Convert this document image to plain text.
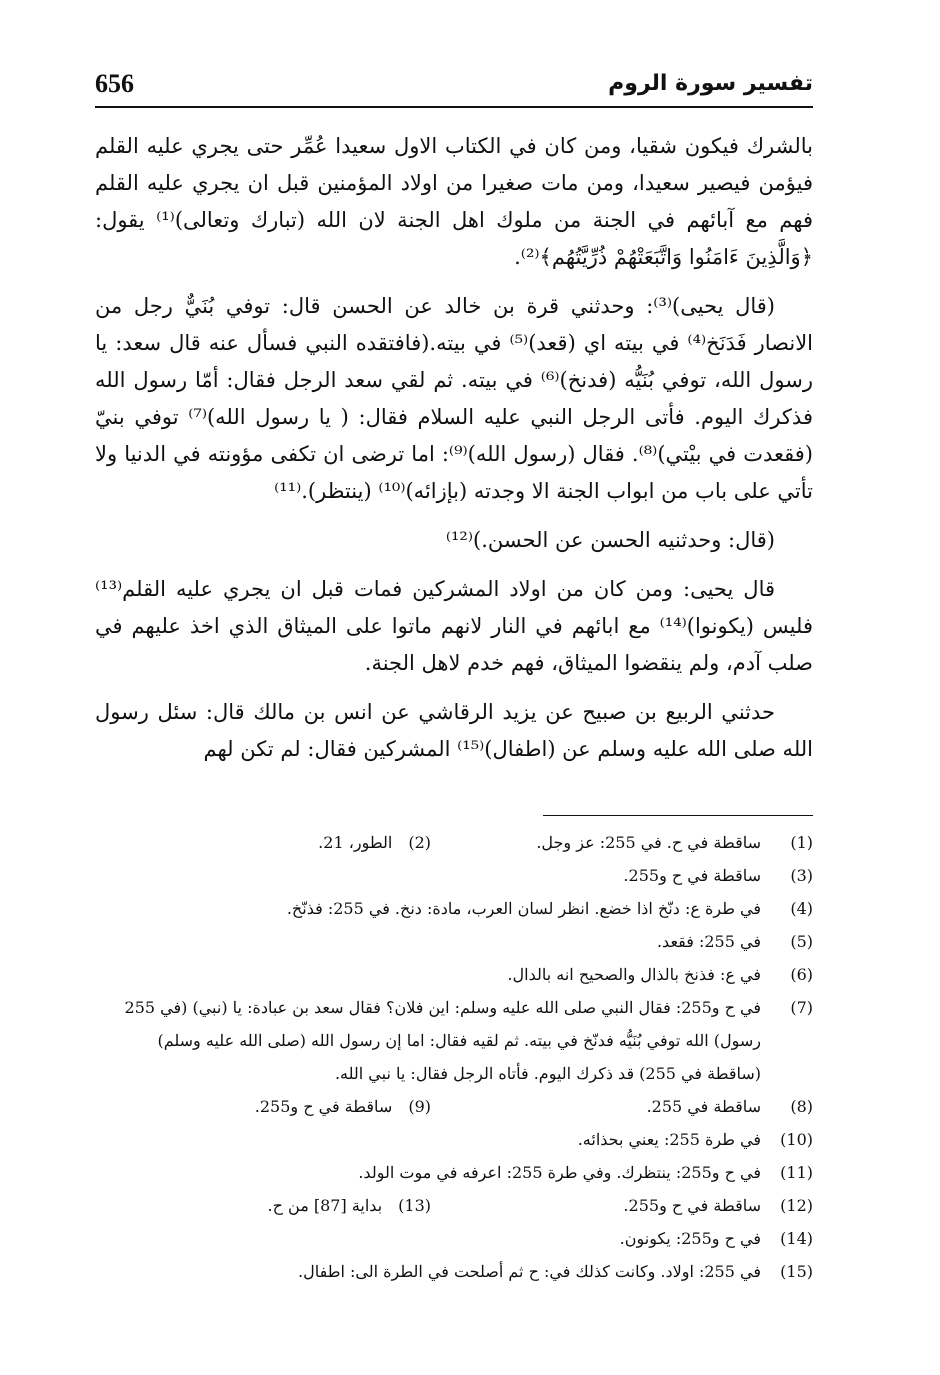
656	تفسير سورة الروم

بالشرك فيكون شقيا، ومن كان في الكتاب الاول سعيدا عُمِّر حتى يجري عليه القلم فيؤمن فيصير سعيدا، ومن مات صغيرا من اولاد المؤمنين قبل ان يجري عليه القلم فهم مع آبائهم في الجنة من ملوك اهل الجنة لان الله (تبارك وتعالى)⁽¹⁾ يقول: ﴿وَالَّذِينَ ءَامَنُوا وَاتَّبَعَتْهُمْ ذُرِّيَّتُهُم﴾⁽²⁾.

(قال يحيى)⁽³⁾: وحدثني قرة بن خالد عن الحسن قال: توفي بُنَيٌّ رجل من الانصار فَدَنَخ⁽⁴⁾ في بيته اي (قعد)⁽⁵⁾ في بيته.(فافتقده النبي فسأل عنه قال سعد: يا رسول الله، توفي بُنَيُّه (فدنخ)⁽⁶⁾ في بيته. ثم لقي سعد الرجل فقال: أمّا رسول الله فذكرك اليوم. فأتى الرجل النبي عليه السلام فقال: ( يا رسول الله)⁽⁷⁾ توفي بنيّ (فقعدت في بيْتي)⁽⁸⁾. فقال (رسول الله)⁽⁹⁾: اما ترضى ان تكفى مؤونته في الدنيا ولا تأتي على باب من ابواب الجنة الا وجدته (بإزائه)⁽¹⁰⁾ (ينتظر).⁽¹¹⁾

(قال: وحدثنيه الحسن عن الحسن.)⁽¹²⁾

قال يحيى: ومن كان من اولاد المشركين فمات قبل ان يجري عليه القلم⁽¹³⁾ فليس (يكونوا)⁽¹⁴⁾ مع ابائهم في النار لانهم ماتوا على الميثاق الذي اخذ عليهم في صلب آدم، ولم ينقضوا الميثاق، فهم خدم لاهل الجنة.

حدثني الربيع بن صبيح عن يزيد الرقاشي عن انس بن مالك قال: سئل رسول الله صلى الله عليه وسلم عن (اطفال)⁽¹⁵⁾ المشركين فقال: لم تكن لهم

(1)
ساقطة في ح. في 255: عز وجل.
(2)الطور، 21.
(3)
ساقطة في ح و255.
(4)
في طرة ع: دنّخ اذا خضع. انظر لسان العرب، مادة: دنخ. في 255: فذنّخ.
(5)
في 255: فقعد.
(6)
في ع: فذنخ بالذال والصحيح انه بالدال.
(7)
في ح و255: فقال النبي صلى الله عليه وسلم: اين فلان؟ فقال سعد بن عبادة: يا (نبي) (في 255 رسول) الله توفي بُنَيُّه فدنّخ في بيته. ثم لقيه فقال: اما إن رسول الله (صلى الله عليه وسلم) (ساقطة في 255) قد ذكرك اليوم. فأتاه الرجل فقال: يا نبي الله.
(8)
ساقطة في 255.
(9)ساقطة في ح و255.
(10)
في طرة 255: يعني بحذائه.
(11)
في ح و255: ينتظرك. وفي طرة 255: اعرفه في موت الولد.
(12)
ساقطة في ح و255.
(13)بداية [87] من ح.
(14)
في ح و255: يكونون.
(15)
في 255: اولاد. وكانت كذلك في: ح ثم أصلحت في الطرة الى: اطفال.
